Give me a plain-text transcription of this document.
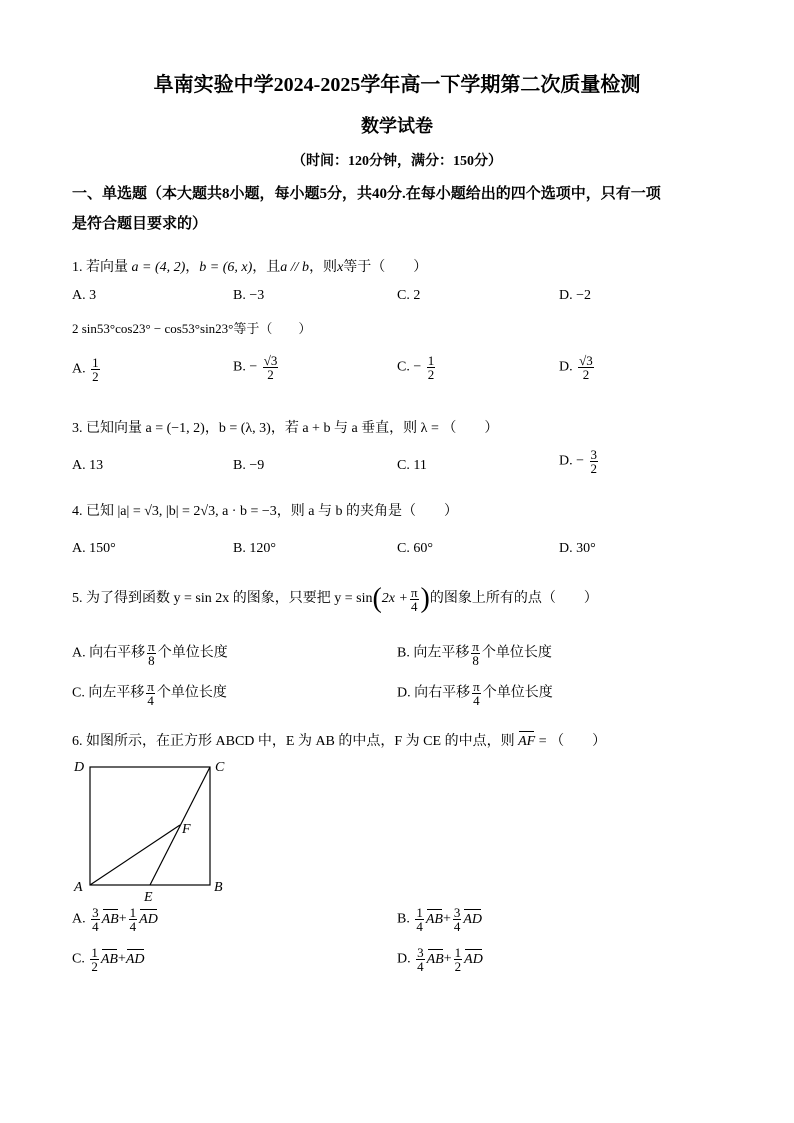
阜南实验中学2024-2025学年高一下学期第二次质量检测
数学试卷
（时间：120分钟，满分：150分）
一、单选题（本大题共8小题，每小题5分，共40分.在每小题给出的四个选项中，只有一项
是符合题目要求的）
1. 若向量 a = (4, 2)，b = (6, x)，且a // b，则x等于（　　）
A. 3	B. −3	C. 2	D. −2
2 sin53°cos23° − cos53°sin23°等于（　　）
A. $\frac{1}{2}$	B. − $\frac{√3}{2}$	C. − $\frac{1}{2}$	D. $\frac{√3}{2}$
3. 已知向量 a = (−1, 2)，b = (λ, 3)，若 a + b 与 a 垂直，则 λ = （　　）
A. 13	B. −9	C. 11	D. − $\frac{3}{2}$
4. 已知 |a| = √3, |b| = 2√3, a · b = −3，则 a 与 b 的夹角是（　　）
A. 150°	B. 120°	C. 60°	D. 30°
5. 为了得到函数 y = sin 2x 的图象，只要把 $y = \sin(2x + \frac{\pi}{4}$ )的图象上所有的点（　　）
A. 向右平移 $\frac{\pi}{8}$ 个单位长度	B. 向左平移 $\frac{\pi}{8}$ 个单位长度
C. 向左平移 $\frac{\pi}{4}$ 个单位长度	D. 向右平移 $\frac{\pi}{4}$ 个单位长度
6. 如图所示，在正方形 ABCD 中，E 为 AB 的中点，F 为 CE 的中点，则 AF = （　　）
D	C
A	B
E
F
A. $\frac{3}{4} AB+ \frac{1}{4}$ AD	B. $\frac{1}{4} AB+ \frac{3}{4}$ AD
C. $\frac{1}{2} AB+AD$	D. $\frac{3}{4} AB+ \frac{1}{2}$ AD
